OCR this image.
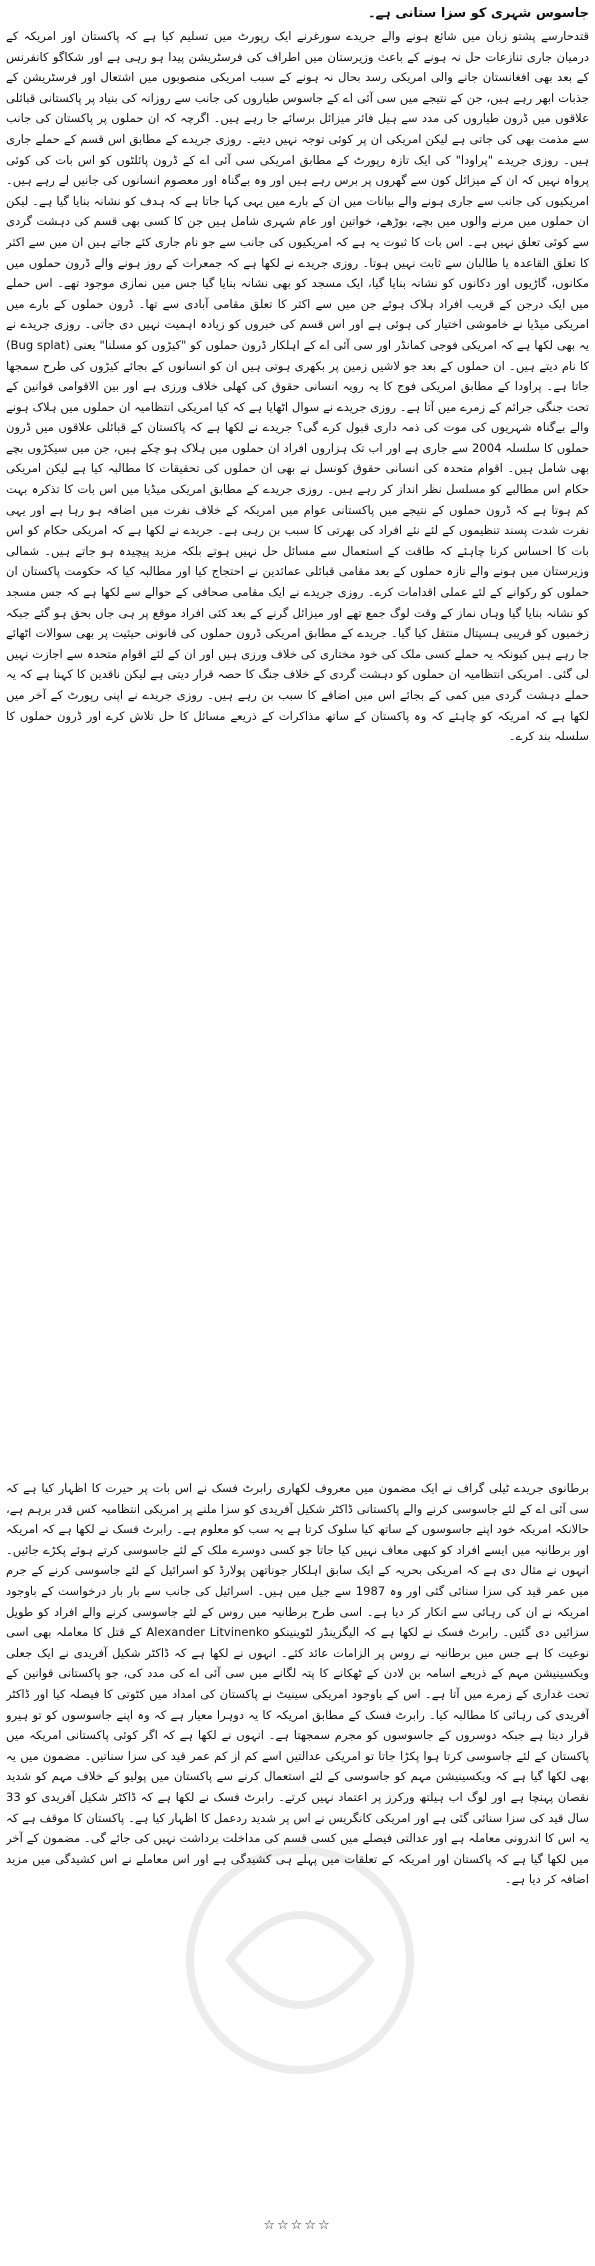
جاسوس شہری کو سزا ستانی ہے۔

قتدحارسے پشتو زبان میں شائع ہونے والے جریدے سورغرنے ایک رپورٹ میں تسلیم کیا ہے کہ پاکستان اور امریکہ کے درمیان جاری تنازعات حل نہ ہونے کے باعث وزیرستان میں اطراف کی فرسٹریشن پیدا ہو رہی ہے اور شکاگو کانفرنس کے بعد بھی افغانستان جانے والی امریکی رسد بحال نہ ہونے کے سبب امریکی منصوبوں میں اشتعال اور فرسٹریشن کے جذبات ابھر رہے ہیں، جن کے نتیجے میں سی آئی اے کے جاسوس طیاروں کی جانب سے روزانہ کی بنیاد پر پاکستانی قبائلی علاقوں میں ڈرون طیاروں کی مدد سے ہیل فائر میزائل برسائے جا رہے ہیں۔ اگرچہ کہ ان حملوں پر پاکستان کی جانب سے مذمت بھی کی جاتی ہے لیکن امریکی ان پر کوئی توجہ نہیں دیتے۔ روزی جریدے کے مطابق اس قسم کے حملے جاری ہیں۔ روزی جریدے "پراودا" کی ایک تازہ رپورٹ کے مطابق امریکی سی آئی اے کے ڈرون پائلٹوں کو اس بات کی کوئی پرواہ نہیں کہ ان کے میزائل کون سے گھروں پر برس رہے ہیں اور وہ بےگناہ اور معصوم انسانوں کی جانیں لے رہے ہیں۔ امریکیوں کی جانب سے جاری ہونے والے بیانات میں ان کے بارے میں یہی کہا جاتا ہے کہ ہدف کو نشانہ بنایا گیا ہے۔ لیکن ان حملوں میں مرنے والوں میں بچے، بوڑھے، خواتین اور عام شہری شامل ہیں جن کا کسی بھی قسم کی دہشت گردی سے کوئی تعلق نہیں ہے۔ اس بات کا ثبوت یہ ہے کہ امریکیوں کی جانب سے جو نام جاری کئے جاتے ہیں ان میں سے اکثر کا تعلق القاعدہ یا طالبان سے ثابت نہیں ہوتا۔ روزی جریدے نے لکھا ہے کہ جمعرات کے روز ہونے والے ڈرون حملوں میں مکانوں، گاڑیوں اور دکانوں کو نشانہ بنایا گیا، ایک مسجد کو بھی نشانہ بنایا گیا جس میں نمازی موجود تھے۔ اس حملے میں ایک درجن کے قریب افراد ہلاک ہوئے جن میں سے اکثر کا تعلق مقامی آبادی سے تھا۔ ڈرون حملوں کے بارے میں امریکی میڈیا نے خاموشی اختیار کی ہوئی ہے اور اس قسم کی خبروں کو زیادہ اہمیت نہیں دی جاتی۔ روزی جریدے نے یہ بھی لکھا ہے کہ امریکی فوجی کمانڈر اور سی آئی اے کے اہلکار ڈرون حملوں کو "کیڑوں کو مسلنا" یعنی (Bug splat) کا نام دیتے ہیں۔ ان حملوں کے بعد جو لاشیں زمین پر بکھری ہوتی ہیں ان کو انسانوں کے بجائے کیڑوں کی طرح سمجھا جاتا ہے۔ پراودا کے مطابق امریکی فوج کا یہ رویہ انسانی حقوق کی کھلی خلاف ورزی ہے اور بین الاقوامی قوانین کے تحت جنگی جرائم کے زمرے میں آتا ہے۔ روزی جریدے نے سوال اٹھایا ہے کہ کیا امریکی انتظامیہ ان حملوں میں ہلاک ہونے والے بےگناہ شہریوں کی موت کی ذمہ داری قبول کرے گی؟ جریدے نے لکھا ہے کہ پاکستان کے قبائلی علاقوں میں ڈرون حملوں کا سلسلہ 2004 سے جاری ہے اور اب تک ہزاروں افراد ان حملوں میں ہلاک ہو چکے ہیں، جن میں سیکڑوں بچے بھی شامل ہیں۔ اقوام متحدہ کی انسانی حقوق کونسل نے بھی ان حملوں کی تحقیقات کا مطالبہ کیا ہے لیکن امریکی حکام اس مطالبے کو مسلسل نظر انداز کر رہے ہیں۔ روزی جریدے کے مطابق امریکی میڈیا میں اس بات کا تذکرہ بہت کم ہوتا ہے کہ ڈرون حملوں کے نتیجے میں پاکستانی عوام میں امریکہ کے خلاف نفرت میں اضافہ ہو رہا ہے اور یہی نفرت شدت پسند تنظیموں کے لئے نئے افراد کی بھرتی کا سبب بن رہی ہے۔ جریدے نے لکھا ہے کہ امریکی حکام کو اس بات کا احساس کرنا چاہئے کہ طاقت کے استعمال سے مسائل حل نہیں ہوتے بلکہ مزید پیچیدہ ہو جاتے ہیں۔ شمالی وزیرستان میں ہونے والے تازہ حملوں کے بعد مقامی قبائلی عمائدین نے احتجاج کیا اور مطالبہ کیا کہ حکومت پاکستان ان حملوں کو رکوانے کے لئے عملی اقدامات کرے۔ روزی جریدے نے ایک مقامی صحافی کے حوالے سے لکھا ہے کہ جس مسجد کو نشانہ بنایا گیا وہاں نماز کے وقت لوگ جمع تھے اور میزائل گرنے کے بعد کئی افراد موقع پر ہی جاں بحق ہو گئے جبکہ زخمیوں کو قریبی ہسپتال منتقل کیا گیا۔ جریدے کے مطابق امریکی ڈرون حملوں کی قانونی حیثیت پر بھی سوالات اٹھائے جا رہے ہیں کیونکہ یہ حملے کسی ملک کی خود مختاری کی خلاف ورزی ہیں اور ان کے لئے اقوام متحدہ سے اجازت نہیں لی گئی۔ امریکی انتظامیہ ان حملوں کو دہشت گردی کے خلاف جنگ کا حصہ قرار دیتی ہے لیکن ناقدین کا کہنا ہے کہ یہ حملے دہشت گردی میں کمی کے بجائے اس میں اضافے کا سبب بن رہے ہیں۔ روزی جریدے نے اپنی رپورٹ کے آخر میں لکھا ہے کہ امریکہ کو چاہئے کہ وہ پاکستان کے ساتھ مذاکرات کے ذریعے مسائل کا حل تلاش کرے اور ڈرون حملوں کا سلسلہ بند کرے۔

برطانوی جریدے ٹیلی گراف نے ایک مضمون میں معروف لکھاری رابرٹ فسک نے اس بات پر حیرت کا اظہار کیا ہے کہ سی آئی اے کے لئے جاسوسی کرنے والے پاکستانی ڈاکٹر شکیل آفریدی کو سزا ملنے پر امریکی انتظامیہ کس قدر برہم ہے، حالانکہ امریکہ خود اپنے جاسوسوں کے ساتھ کیا سلوک کرتا ہے یہ سب کو معلوم ہے۔ رابرٹ فسک نے لکھا ہے کہ امریکہ اور برطانیہ میں ایسے افراد کو کبھی معاف نہیں کیا جاتا جو کسی دوسرے ملک کے لئے جاسوسی کرتے ہوئے پکڑے جائیں۔ انہوں نے مثال دی ہے کہ امریکی بحریہ کے ایک سابق اہلکار جوناتھن پولارڈ کو اسرائیل کے لئے جاسوسی کرنے کے جرم میں عمر قید کی سزا سنائی گئی اور وہ 1987 سے جیل میں ہیں۔ اسرائیل کی جانب سے بار بار درخواست کے باوجود امریکہ نے ان کی رہائی سے انکار کر دیا ہے۔ اسی طرح برطانیہ میں روس کے لئے جاسوسی کرنے والے افراد کو طویل سزائیں دی گئیں۔ رابرٹ فسک نے لکھا ہے کہ الیگزینڈر لٹوینینکو Alexander Litvinenko کے قتل کا معاملہ بھی اسی نوعیت کا ہے جس میں برطانیہ نے روس پر الزامات عائد کئے۔ انہوں نے لکھا ہے کہ ڈاکٹر شکیل آفریدی نے ایک جعلی ویکسینیشن مہم کے ذریعے اسامہ بن لادن کے ٹھکانے کا پتہ لگانے میں سی آئی اے کی مدد کی، جو پاکستانی قوانین کے تحت غداری کے زمرے میں آتا ہے۔ اس کے باوجود امریکی سینیٹ نے پاکستان کی امداد میں کٹوتی کا فیصلہ کیا اور ڈاکٹر آفریدی کی رہائی کا مطالبہ کیا۔ رابرٹ فسک کے مطابق امریکہ کا یہ دوہرا معیار ہے کہ وہ اپنے جاسوسوں کو تو ہیرو قرار دیتا ہے جبکہ دوسروں کے جاسوسوں کو مجرم سمجھتا ہے۔ انہوں نے لکھا ہے کہ اگر کوئی پاکستانی امریکہ میں پاکستان کے لئے جاسوسی کرتا ہوا پکڑا جاتا تو امریکی عدالتیں اسے کم از کم عمر قید کی سزا سناتیں۔ مضمون میں یہ بھی لکھا گیا ہے کہ ویکسینیشن مہم کو جاسوسی کے لئے استعمال کرنے سے پاکستان میں پولیو کے خلاف مہم کو شدید نقصان پہنچا ہے اور لوگ اب ہیلتھ ورکرز پر اعتماد نہیں کرتے۔ رابرٹ فسک نے لکھا ہے کہ ڈاکٹر شکیل آفریدی کو 33 سال قید کی سزا سنائی گئی ہے اور امریکی کانگریس نے اس پر شدید ردعمل کا اظہار کیا ہے۔ پاکستان کا موقف ہے کہ یہ اس کا اندرونی معاملہ ہے اور عدالتی فیصلے میں کسی قسم کی مداخلت برداشت نہیں کی جائے گی۔ مضمون کے آخر میں لکھا گیا ہے کہ پاکستان اور امریکہ کے تعلقات میں پہلے ہی کشیدگی ہے اور اس معاملے نے اس کشیدگی میں مزید اضافہ کر دیا ہے۔

☆☆☆☆☆
